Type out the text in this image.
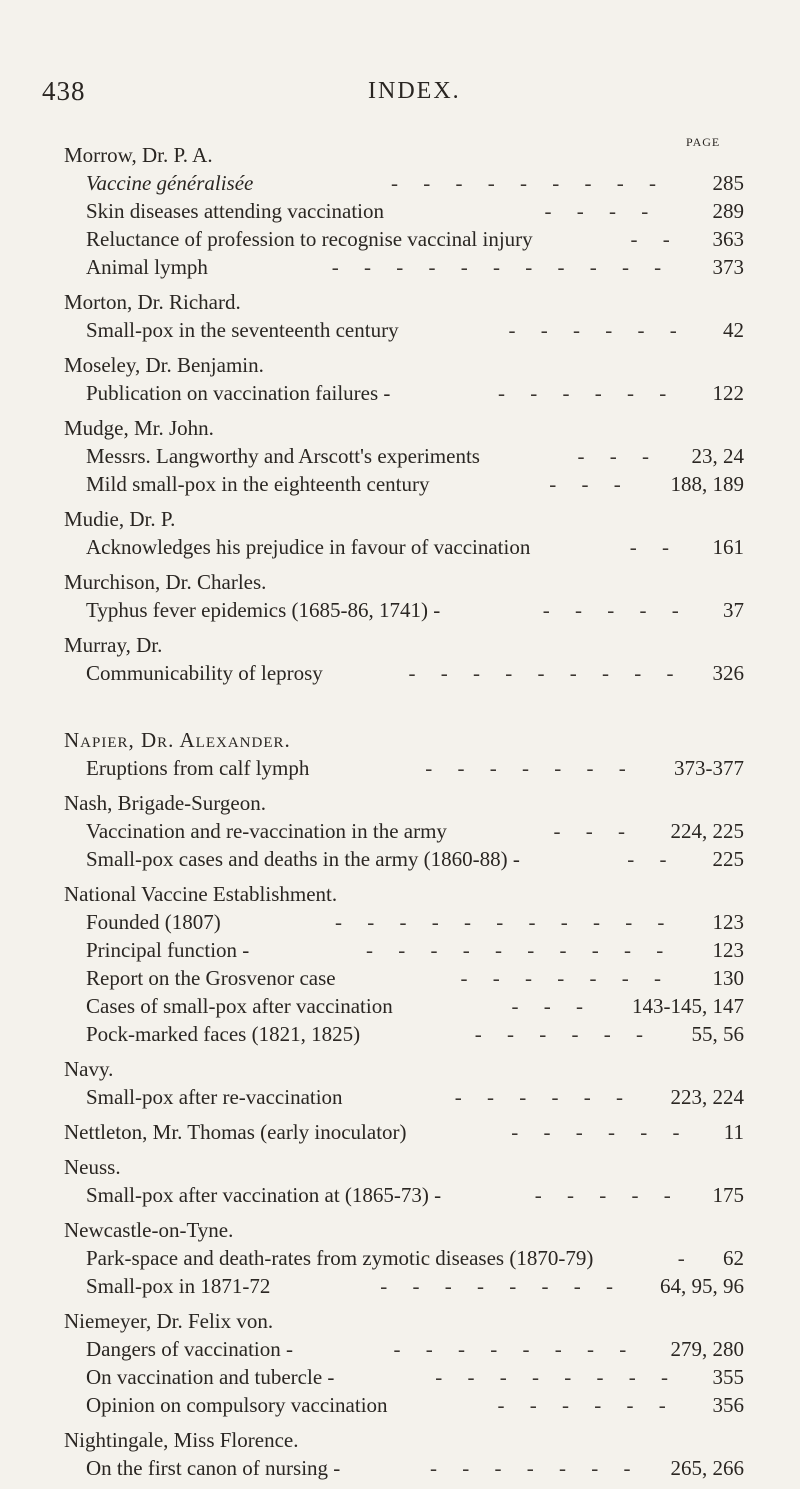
438	INDEX.
PAGE
Morrow, Dr. P. A.
Vaccine généralisée	- - - - - - - - - 285
Skin diseases attending vaccination	- - - -	289
Reluctance of profession to recognise vaccinal injury	- - 363
Animal lymph	- - - - - - - - - - - 373
Morton, Dr. Richard.
Small-pox in the seventeenth century	- - - - - - 42
Moseley, Dr. Benjamin.
Publication on vaccination failures -	- - - - - - 122
Mudge, Mr. John.
Messrs. Langworthy and Arscott's experiments	- - - 23, 24
Mild small-pox in the eighteenth century	- - - 188, 189
Mudie, Dr. P.
Acknowledges his prejudice in favour of vaccination	- - 161
Murchison, Dr. Charles.
Typhus fever epidemics (1685-86, 1741) -	- - - - - 37
Murray, Dr.
Communicability of leprosy	- - - - - - - - - 326
Napier, Dr. Alexander.
Eruptions from calf lymph	- - - - - - - 373-377
Nash, Brigade-Surgeon.
Vaccination and re-vaccination in the army	- - - 224, 225
Small-pox cases and deaths in the army (1860-88) -	- - 225
National Vaccine Establishment.
Founded (1807)	- - - - - - - - - - - 123
Principal function -	- - - - - - - - - - 123
Report on the Grosvenor case	- - - - - - - 130
Cases of small-pox after vaccination	- - - 143-145, 147
Pock-marked faces (1821, 1825)	- - - - - - 55, 56
Navy.
Small-pox after re-vaccination	- - - - - - 223, 224
Nettleton, Mr. Thomas (early inoculator)	- - - - - - 11
Neuss.
Small-pox after vaccination at (1865-73) -	- - - - - 175
Newcastle-on-Tyne.
Park-space and death-rates from zymotic diseases (1870-79)	- 62
Small-pox in 1871-72	- - - - - - - - 64, 95, 96
Niemeyer, Dr. Felix von.
Dangers of vaccination -	- - - - - - - - 279, 280
On vaccination and tubercle -	- - - - - - - - 355
Opinion on compulsory vaccination	- - - - - - 356
Nightingale, Miss Florence.
On the first canon of nursing -	- - - - - - - 265, 266
